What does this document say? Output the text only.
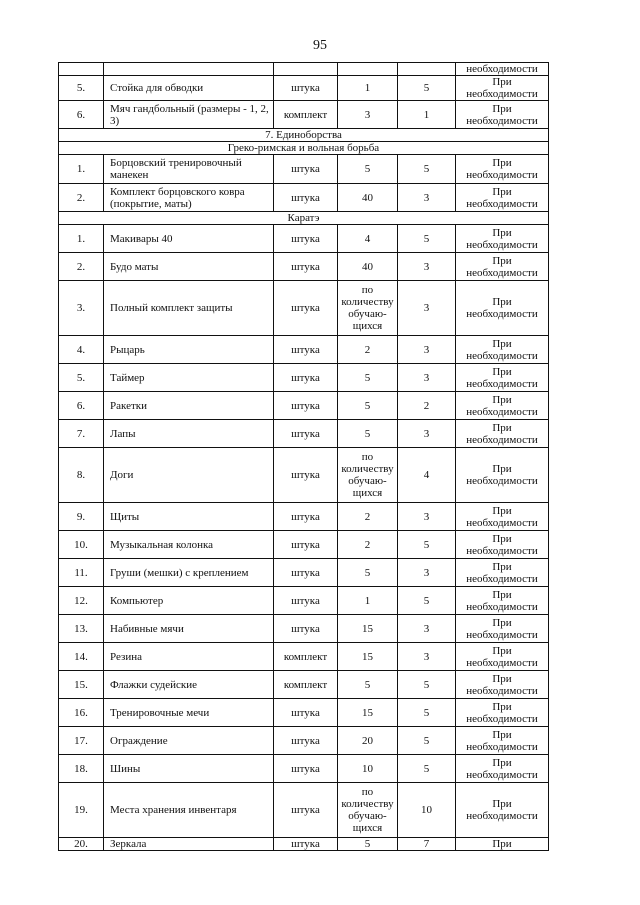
95
					необходимости
5.	Стойка для обводки	штука	1	5	При необходимости
6.	Мяч гандбольный (размеры - 1, 2, 3)	комплект	3	1	При необходимости
7. Единоборства					
Греко-римская и вольная борьба					
1.	Борцовский тренировочный манекен	штука	5	5	При необходимости
2.	Комплект борцовского ковра (покрытие, маты)	штука	40	3	При необходимости
Каратэ					
1.	Макивары 40	штука	4	5	При необходимости
2.	Будо маты	штука	40	3	При необходимости
3.	Полный комплект защиты	штука	по количеству обучаю-щихся	3	При необходимости
4.	Рыцарь	штука	2	3	При необходимости
5.	Таймер	штука	5	3	При необходимости
6.	Ракетки	штука	5	2	При необходимости
7.	Лапы	штука	5	3	При необходимости
8.	Доги	штука	по количеству обучаю-щихся	4	При необходимости
9.	Щиты	штука	2	3	При необходимости
10.	Музыкальная колонка	штука	2	5	При необходимости
11.	Груши (мешки) с креплением	штука	5	3	При необходимости
12.	Компьютер	штука	1	5	При необходимости
13.	Набивные мячи	штука	15	3	При необходимости
14.	Резина	комплект	15	3	При необходимости
15.	Флажки судейские	комплект	5	5	При необходимости
16.	Тренировочные мечи	штука	15	5	При необходимости
17.	Ограждение	штука	20	5	При необходимости
18.	Шины	штука	10	5	При необходимости
19.	Места хранения инвентаря	штука	по количеству обучаю-щихся	10	При необходимости
20.	Зеркала	штука	5	7	При
